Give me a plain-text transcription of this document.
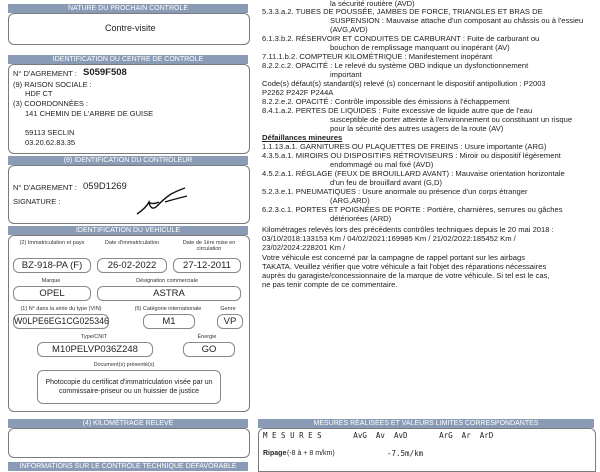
NATURE DU PROCHAIN CONTRÔLE
Contre-visite
IDENTIFICATION DU CENTRE DE CONTRÔLE
N° D'AGREMENT : S059F508
(9) RAISON SOCIALE :
HDF CT
(3) COORDONNÉES :
141 CHEMIN DE L'ARBRE DE GUISE
59113 SECLIN
03.20.62.83.35
(9) IDENTIFICATION DU CONTRÔLEUR
N° D'AGREMENT : 059D1269
SIGNATURE :
IDENTIFICATION DU VÉHICULE
(2) Immatriculation et pays	Date d'immatriculation	Date de 1ère mise en circulation
BZ-918-PA (F)	26-02-2022	27-12-2011
Marque	Désignation commerciale
OPEL	ASTRA
(1) N° dans la série du type (VIN)	(5) Catégorie internationale	Genre
W0LPE6EG1CG025346	M1	VP
Type/CNIT	Énergie
M10PELVP036Z248	GO
Document(s) présenté(s)
Photocopie du certificat d'immatriculation visée par un
commissaire-priseur ou un huissier de justice
(4) KILOMÉTRAGE RELEVÉ
INFORMATIONS SUR LE CONTRÔLE TECHNIQUE DÉFAVORABLE
la sécurité routière (AVD)
5.3.3.a.2. TUBES DE POUSSÉE, JAMBES DE FORCE, TRIANGLES ET BRAS DE
SUSPENSION : Mauvaise attache d'un composant au châssis ou à l'essieu
(AVG,AVD)
6.1.3.b.2. RÉSERVOIR ET CONDUITES DE CARBURANT : Fuite de carburant ou
bouchon de remplissage manquant ou inopérant (AV)
7.11.1.b.2. COMPTEUR KILOMÉTRIQUE : Manifestement inopérant
8.2.2.c.2. OPACITÉ : Le relevé du système OBD indique un dysfonctionnement
important
Code(s) défaut(s) standard(s) relevé (s) concernant le dispositif antipollution : P2003
P2262 P242F P244A
8.2.2.e.2. OPACITÉ : Contrôle impossible des émissions à l'échappement
8.4.1.a.2. PERTES DE LIQUIDES : Fuite excessive de liquide autre que de l'eau
susceptible de porter atteinte à l'environnement ou constituant un risque
pour la sécurité des autres usagers de la route (AV)
Défaillances mineures
1.1.13.a.1. GARNITURES OU PLAQUETTES DE FREINS : Usure importante (ARG)
4.3.5.a.1. MIROIRS OU DISPOSITIFS RÉTROVISEURS : Miroir ou dispositif légèrement
endommagé ou mal fixé (AVD)
4.5.2.a.1. RÉGLAGE (FEUX DE BROUILLARD AVANT) : Mauvaise orientation horizontale
d'un feu de brouillard avant (G,D)
5.2.3.e.1. PNEUMATIQUES : Usure anormale ou présence d'un corps étranger
(ARG,ARD)
6.2.3.c.1. PORTES ET POIGNÉES DE PORTE : Portière, charnières, serrures ou gâches
détériorées (ARD)
Kilométrages relevés lors des précédents contrôles techniques depuis le 20 mai 2018 :
03/10/2018:133153 Km / 04/02/2021:169985 Km / 21/02/2022:185452 Km /
23/02/2024:228201 Km /
Votre véhicule est concerné par la campagne de rappel portant sur les airbags
TAKATA. Veuillez vérifier que votre véhicule a fait l'objet des réparations nécessaires
auprès du garagiste/concessionnaire de la marque de votre véhicule. Si tel est le cas,
ne pas tenir compte de ce commentaire.
MESURES RÉALISÉES ET VALEURS LIMITES CORRESPONDANTES
M E S U R E S       AvG  Av  AvD       ArG  Ar  ArD
Ripage (-8 à + 8 m/km)	-7.5m/km
